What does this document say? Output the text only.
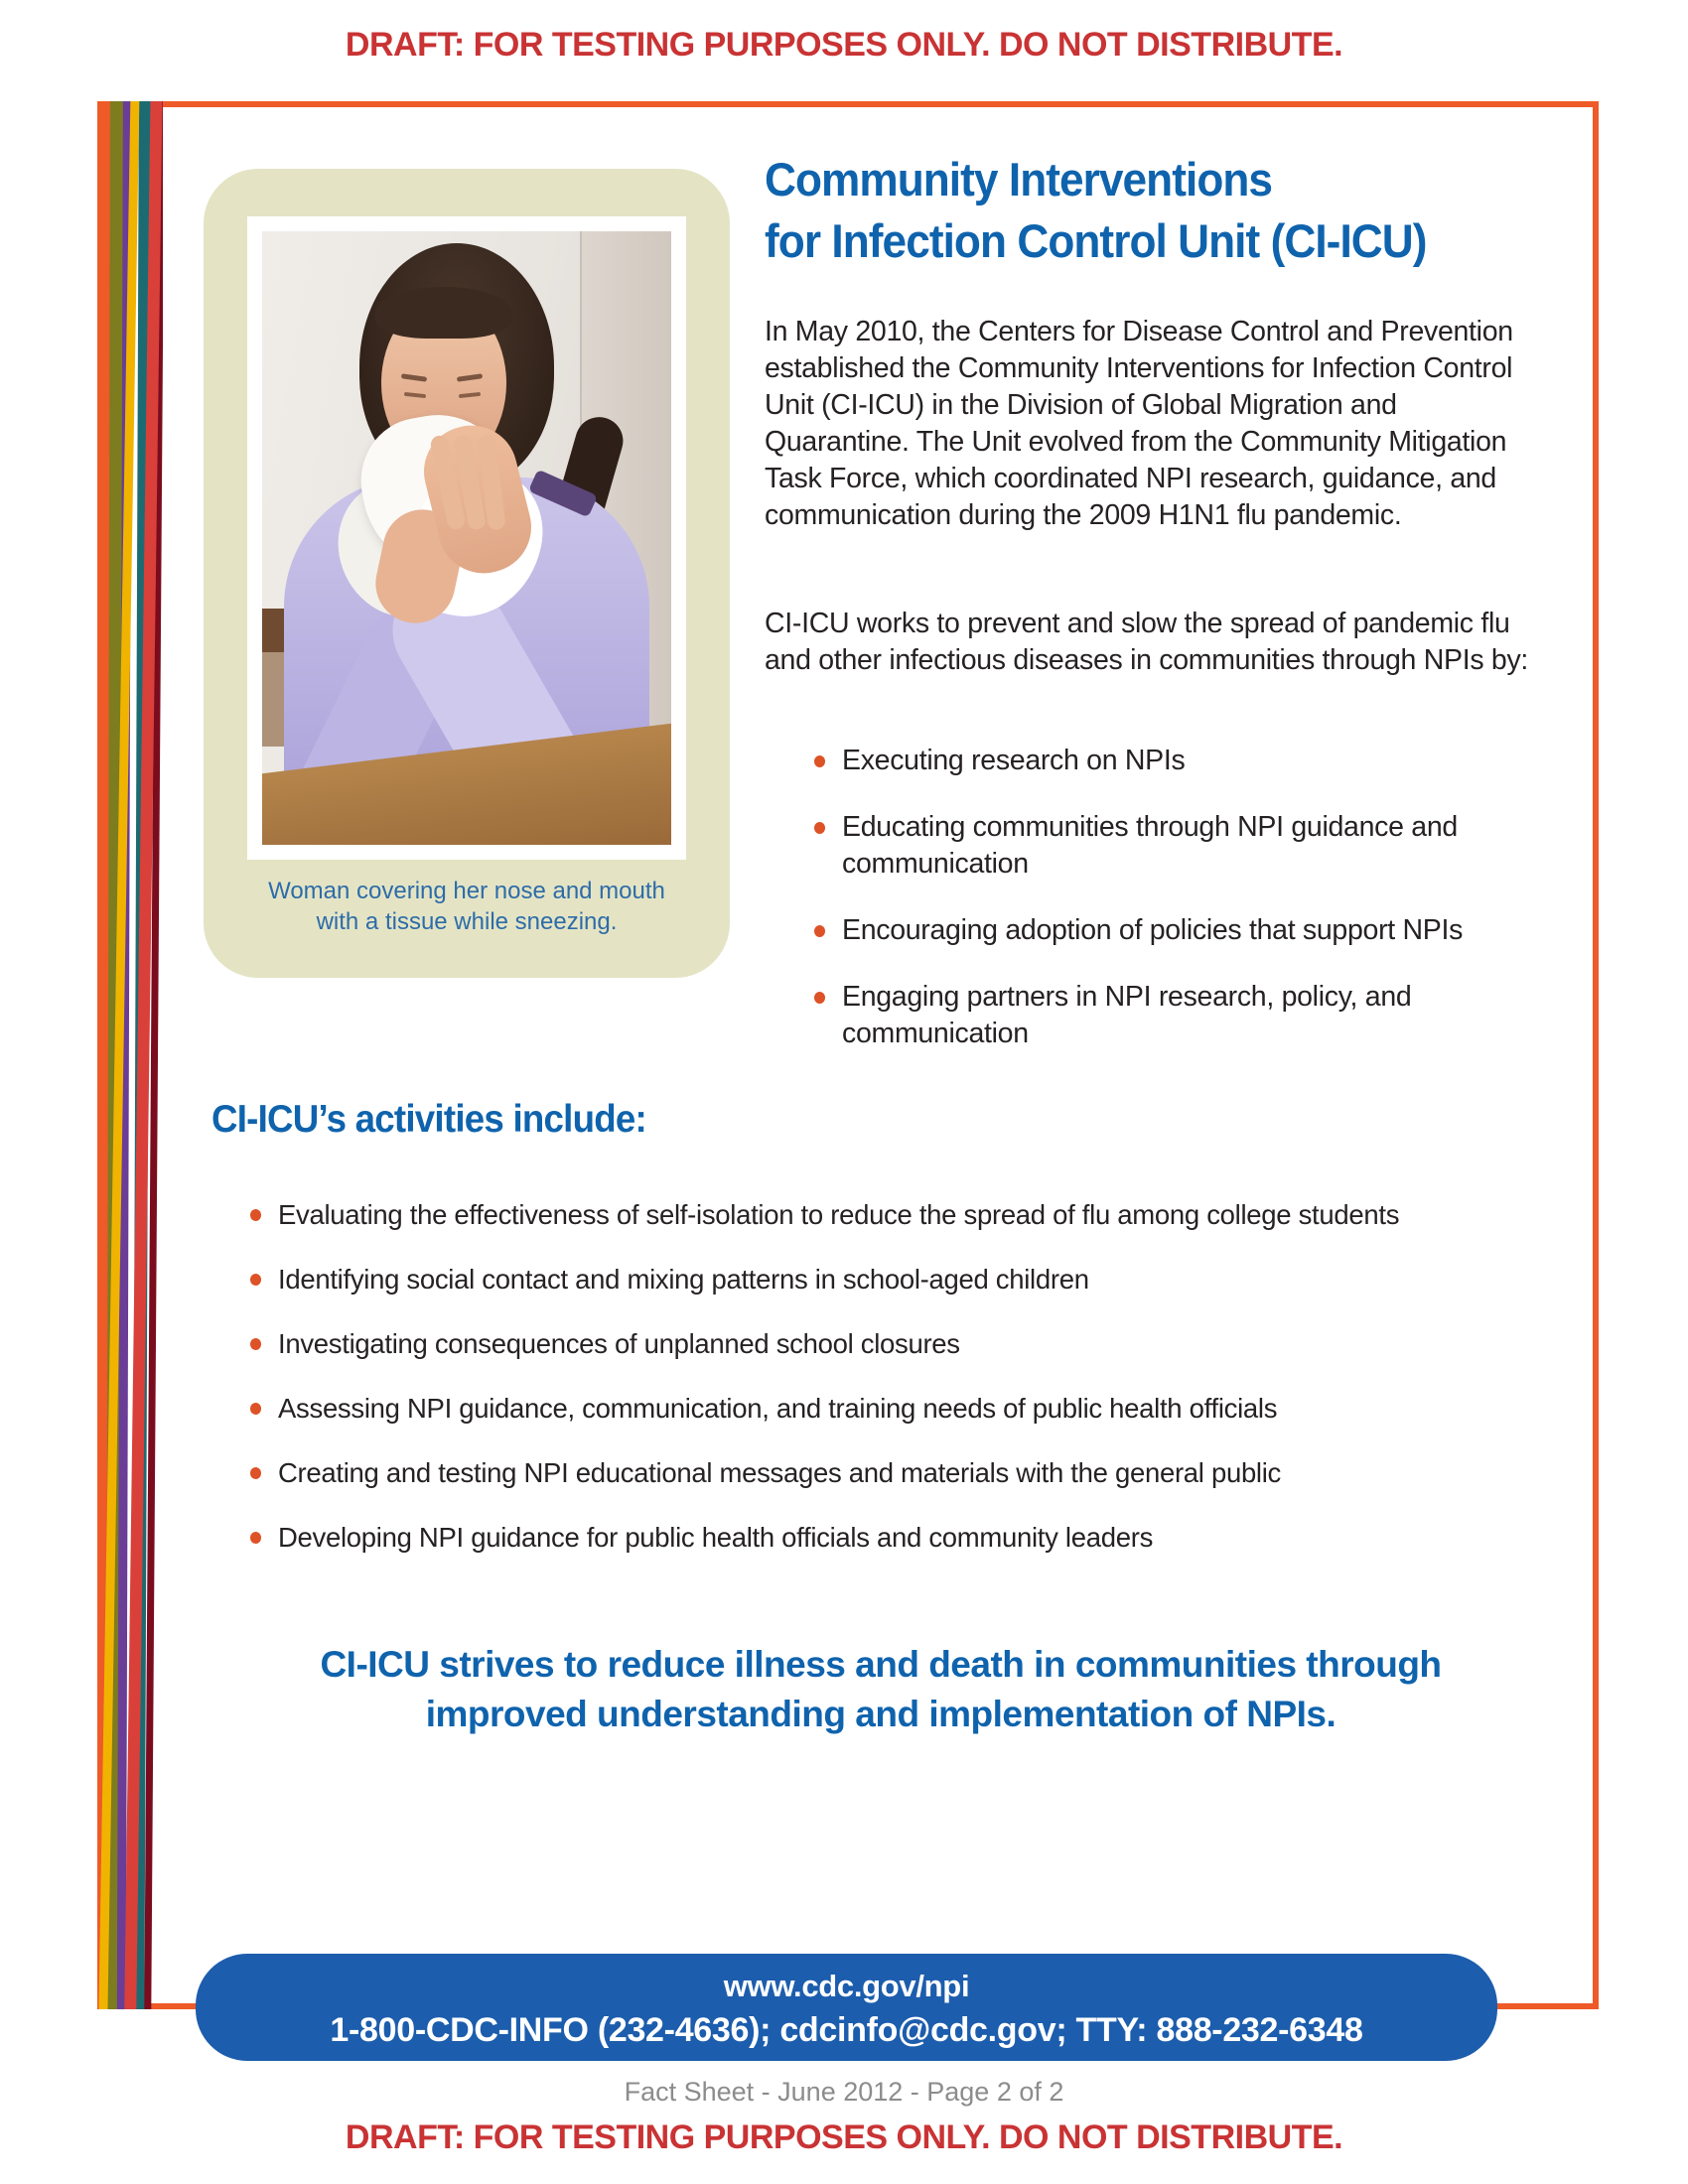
DRAFT: FOR TESTING PURPOSES ONLY. DO NOT DISTRIBUTE.
Woman covering her nose and mouth with a tissue while sneezing.
Community Interventions
for Infection Control Unit (CI-ICU)
In May 2010, the Centers for Disease Control and Prevention established the Community Interventions for Infection Control Unit (CI-ICU) in the Division of Global Migration and Quarantine. The Unit evolved from the Community Mitigation Task Force, which coordinated NPI research, guidance, and communication during the 2009 H1N1 flu pandemic.
CI-ICU works to prevent and slow the spread of pandemic flu and other infectious diseases in communities through NPIs by:
Executing research on NPIs
Educating communities through NPI guidance and communication
Encouraging adoption of policies that support NPIs
Engaging partners in NPI research, policy, and communication
CI-ICU’s activities include:
Evaluating the effectiveness of self-isolation to reduce the spread of flu among college students
Identifying social contact and mixing patterns in school-aged children
Investigating consequences of unplanned school closures
Assessing NPI guidance, communication, and training needs of public health officials
Creating and testing NPI educational messages and materials with the general public
Developing NPI guidance for public health officials and community leaders
CI-ICU strives to reduce illness and death in communities through improved understanding and implementation of NPIs.
www.cdc.gov/npi
1-800-CDC-INFO (232-4636); cdcinfo@cdc.gov; TTY: 888-232-6348
Fact Sheet - June 2012 - Page 2 of 2
DRAFT: FOR TESTING PURPOSES ONLY. DO NOT DISTRIBUTE.
